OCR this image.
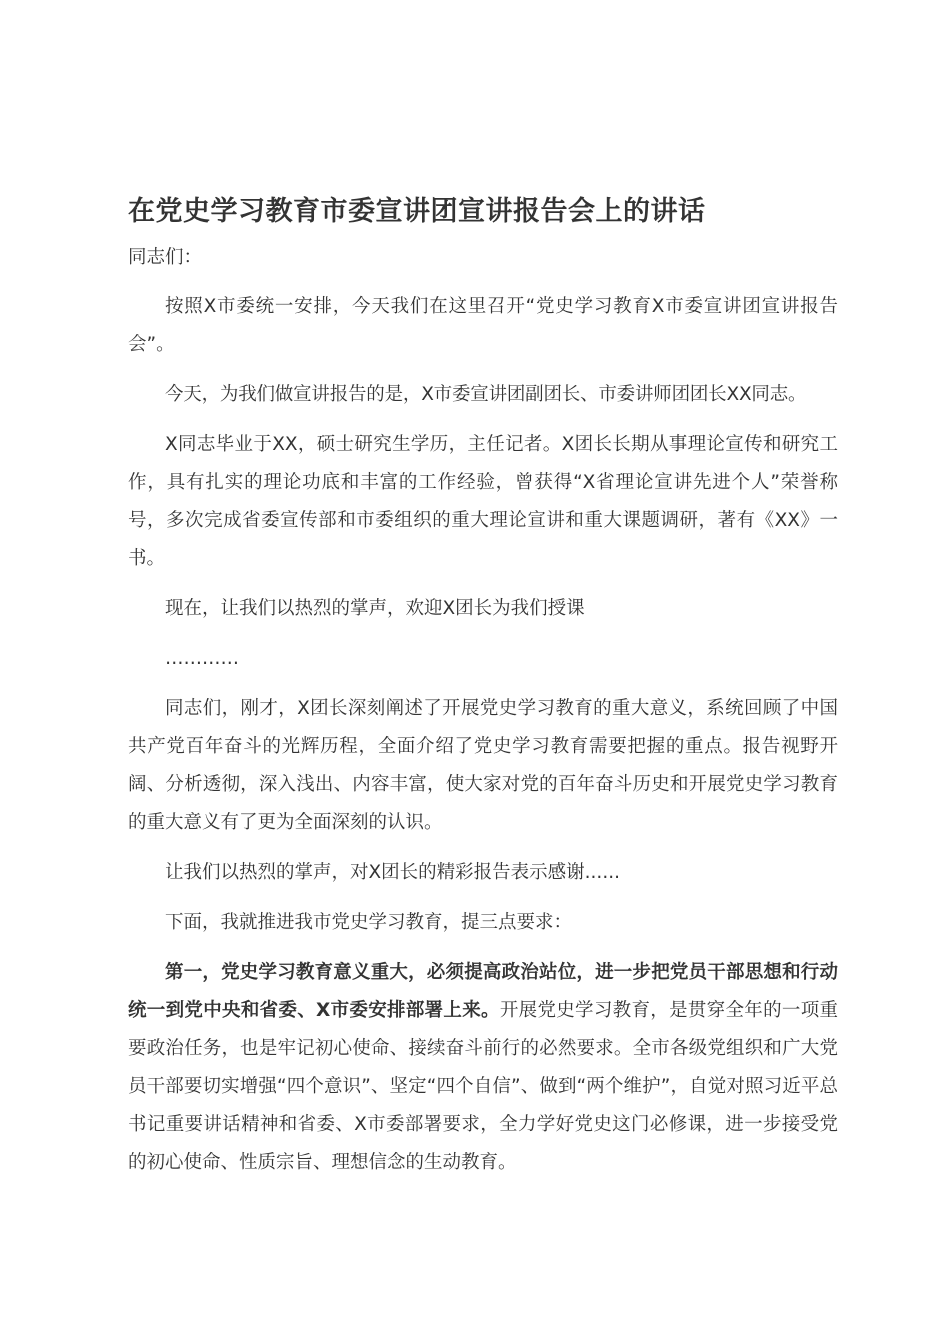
在党史学习教育市委宣讲团宣讲报告会上的讲话

同志们：

按照X市委统一安排，今天我们在这里召开“党史学习教育X市委宣讲团宣讲报告会”。

今天，为我们做宣讲报告的是，X市委宣讲团副团长、市委讲师团团长XX同志。

X同志毕业于XX，硕士研究生学历，主任记者。X团长长期从事理论宣传和研究工作，具有扎实的理论功底和丰富的工作经验，曾获得“X省理论宣讲先进个人”荣誉称号，多次完成省委宣传部和市委组织的重大理论宣讲和重大课题调研，著有《XX》一书。

现在，让我们以热烈的掌声，欢迎X团长为我们授课

…………

同志们，刚才，X团长深刻阐述了开展党史学习教育的重大意义，系统回顾了中国共产党百年奋斗的光辉历程，全面介绍了党史学习教育需要把握的重点。报告视野开阔、分析透彻，深入浅出、内容丰富，使大家对党的百年奋斗历史和开展党史学习教育的重大意义有了更为全面深刻的认识。

让我们以热烈的掌声，对X团长的精彩报告表示感谢......

下面，我就推进我市党史学习教育，提三点要求：

第一，党史学习教育意义重大，必须提高政治站位，进一步把党员干部思想和行动统一到党中央和省委、X市委安排部署上来。开展党史学习教育，是贯穿全年的一项重要政治任务，也是牢记初心使命、接续奋斗前行的必然要求。全市各级党组织和广大党员干部要切实增强“四个意识”、坚定“四个自信”、做到“两个维护”，自觉对照习近平总书记重要讲话精神和省委、X市委部署要求，全力学好党史这门必修课，进一步接受党的初心使命、性质宗旨、理想信念的生动教育。
